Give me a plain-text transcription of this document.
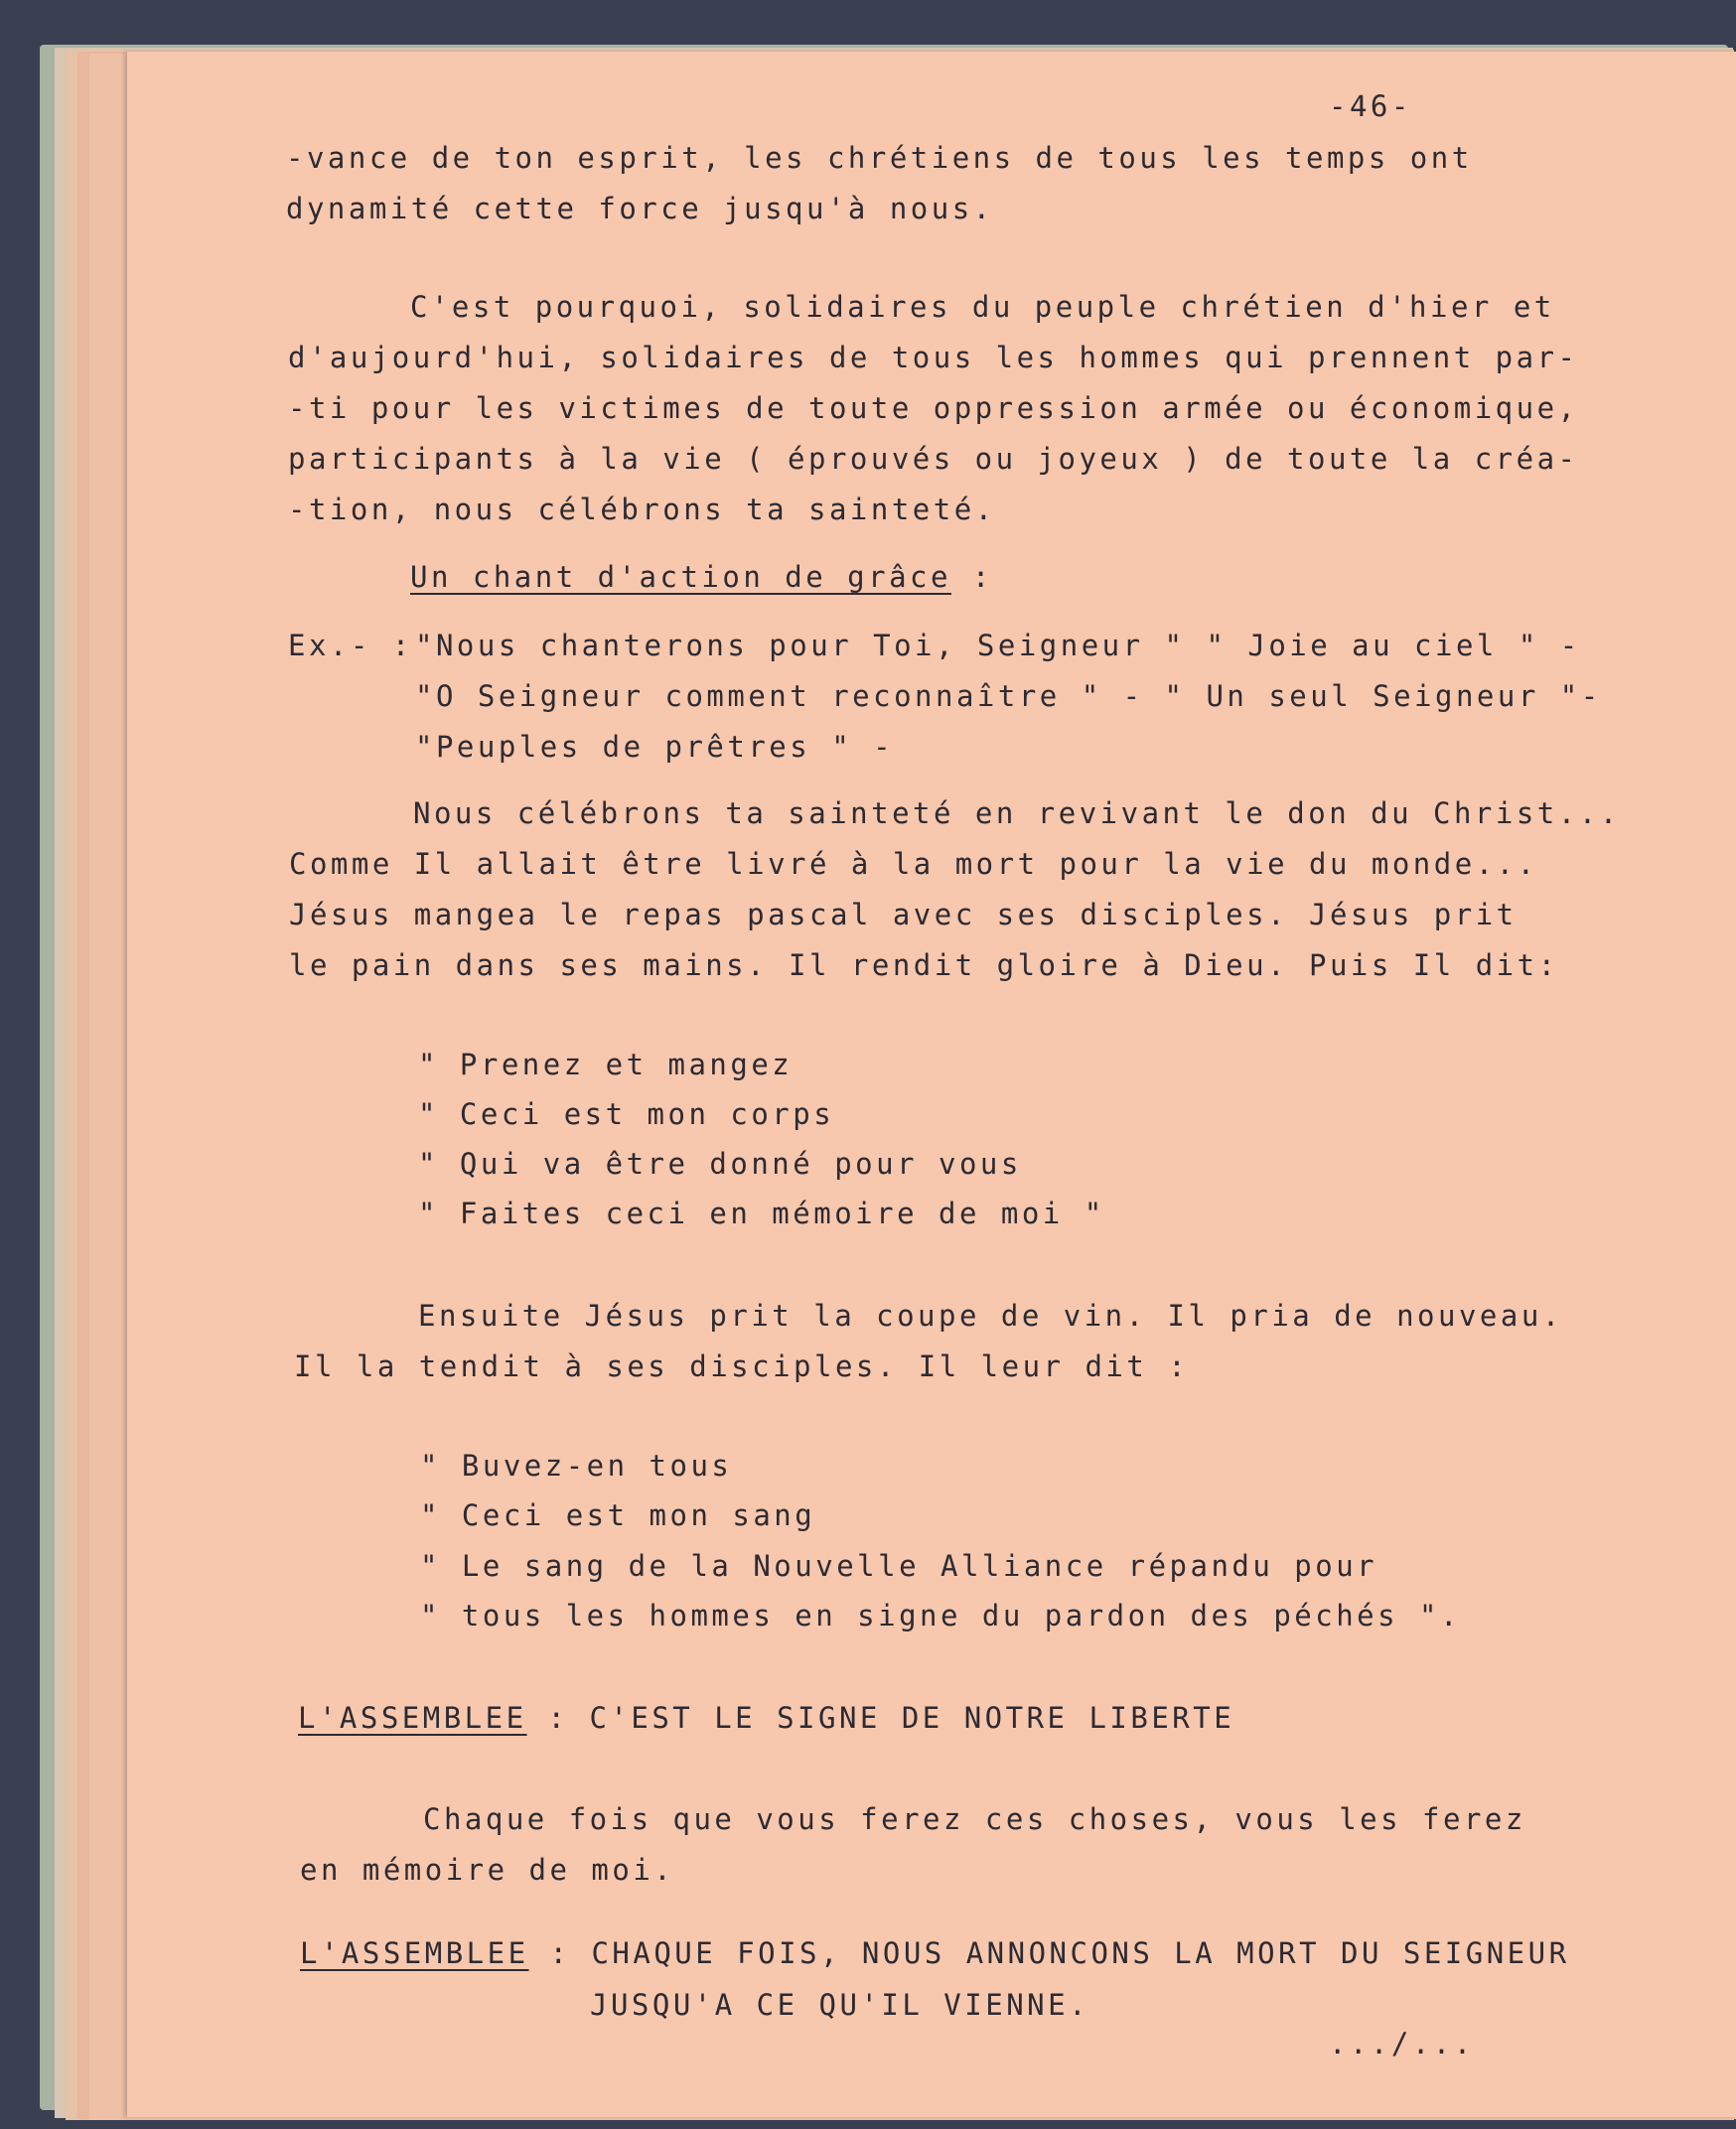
-46-
-vance de ton esprit, les chrétiens de tous les temps ont
dynamité cette force jusqu'à nous.
C'est pourquoi, solidaires du peuple chrétien d'hier et
d'aujourd'hui, solidaires de tous les hommes qui prennent par-
-ti pour les victimes de toute oppression armée ou économique,
participants à la vie ( éprouvés ou joyeux ) de toute la créa-
-tion, nous célébrons ta sainteté.
Un chant d'action de grâce :
Ex.- : "Nous chanterons pour Toi, Seigneur " " Joie au ciel " -
"O Seigneur comment reconnaître " - " Un seul Seigneur "-
"Peuples de prêtres " -
Nous célébrons ta sainteté en revivant le don du Christ...
Comme Il allait être livré à la mort pour la vie du monde...
Jésus mangea le repas pascal avec ses disciples. Jésus prit
le pain dans ses mains. Il rendit gloire à Dieu. Puis Il dit:
" Prenez et mangez
" Ceci est mon corps
" Qui va être donné pour vous
" Faites ceci en mémoire de moi "
Ensuite Jésus prit la coupe de vin. Il pria de nouveau.
Il la tendit à ses disciples. Il leur dit :
" Buvez-en tous
" Ceci est mon sang
" Le sang de la Nouvelle Alliance répandu pour
" tous les hommes en signe du pardon des péchés ".
L'ASSEMBLEE : C'EST LE SIGNE DE NOTRE LIBERTE
Chaque fois que vous ferez ces choses, vous les ferez
en mémoire de moi.
L'ASSEMBLEE : CHAQUE FOIS, NOUS ANNONCONS LA MORT DU SEIGNEUR
JUSQU'A CE QU'IL VIENNE.
.../...
